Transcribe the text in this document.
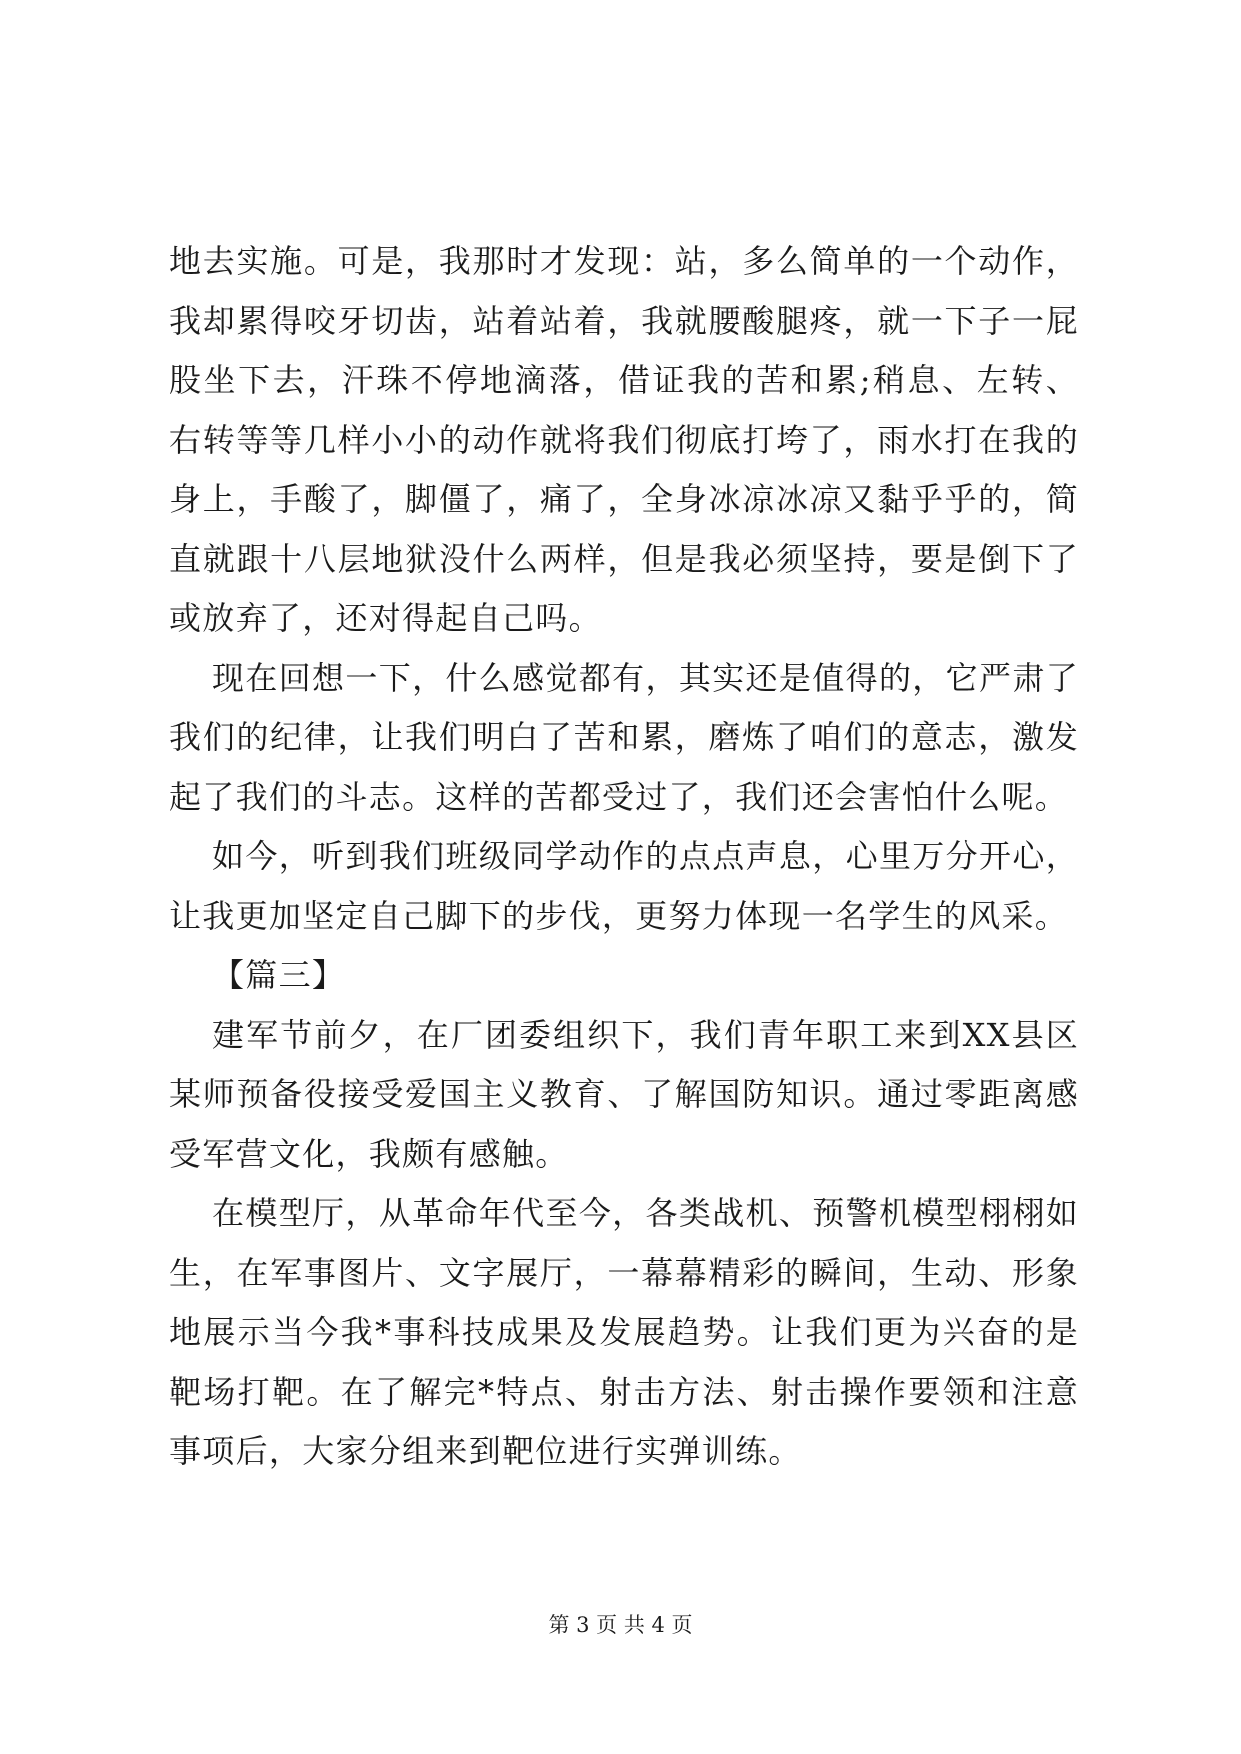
地去实施。可是，我那时才发现：站，多么简单的一个动作，我却累得咬牙切齿，站着站着，我就腰酸腿疼，就一下子一屁股坐下去，汗珠不停地滴落，借证我的苦和累;稍息、左转、右转等等几样小小的动作就将我们彻底打垮了，雨水打在我的身上，手酸了，脚僵了，痛了，全身冰凉冰凉又黏乎乎的，简直就跟十八层地狱没什么两样，但是我必须坚持，要是倒下了或放弃了，还对得起自己吗。

现在回想一下，什么感觉都有，其实还是值得的，它严肃了我们的纪律，让我们明白了苦和累，磨炼了咱们的意志，激发起了我们的斗志。这样的苦都受过了，我们还会害怕什么呢。

如今，听到我们班级同学动作的点点声息，心里万分开心，让我更加坚定自己脚下的步伐，更努力体现一名学生的风采。

【篇三】

建军节前夕，在厂团委组织下，我们青年职工来到XX县区某师预备役接受爱国主义教育、了解国防知识。通过零距离感受军营文化，我颇有感触。

在模型厅，从革命年代至今，各类战机、预警机模型栩栩如生，在军事图片、文字展厅，一幕幕精彩的瞬间，生动、形象地展示当今我*事科技成果及发展趋势。让我们更为兴奋的是靶场打靶。在了解完*特点、射击方法、射击操作要领和注意事项后，大家分组来到靶位进行实弹训练。

第 3 页 共 4 页
